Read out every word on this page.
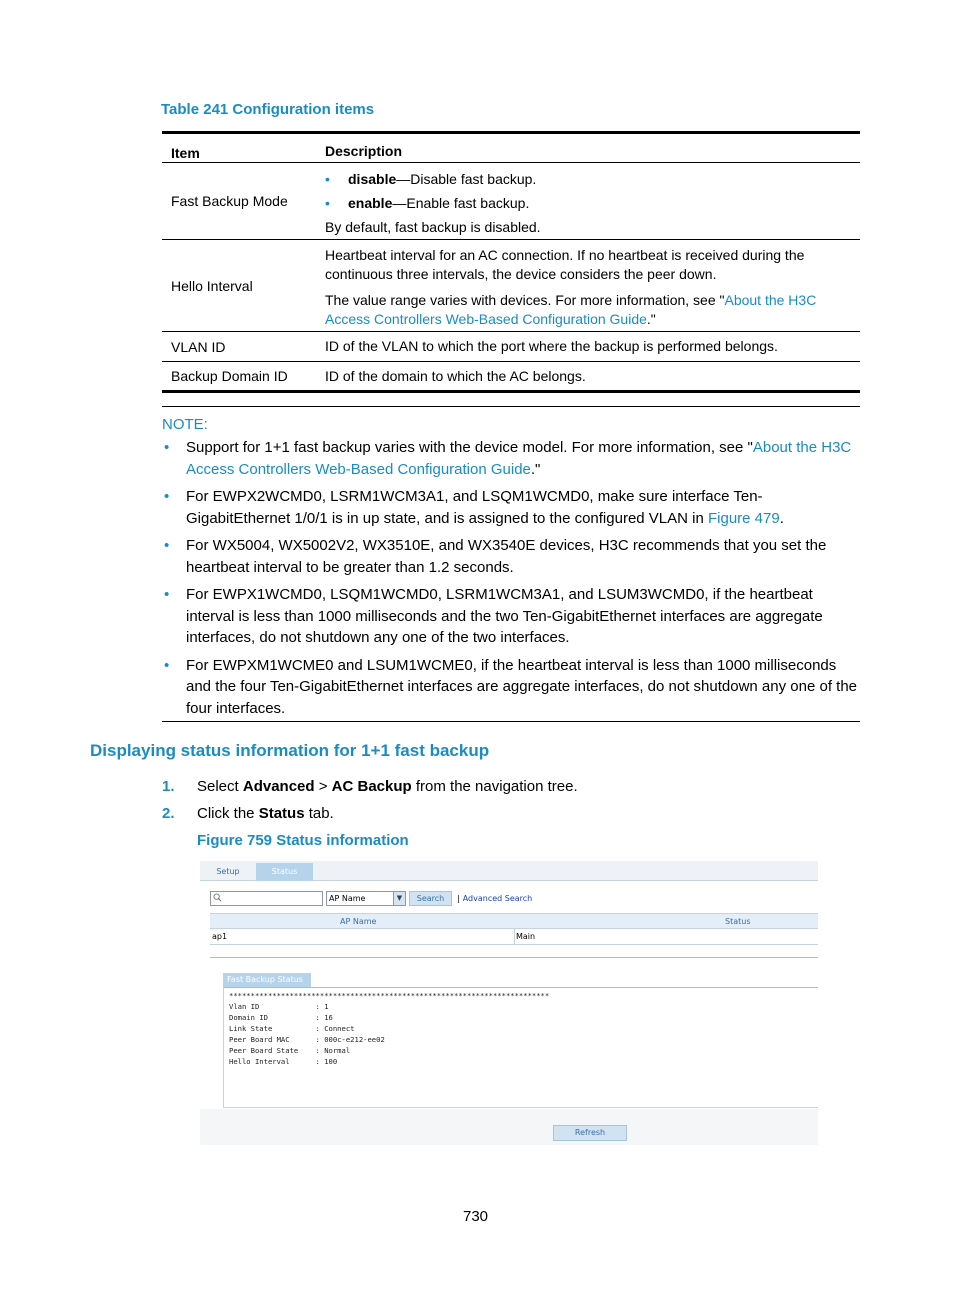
Table 241 Configuration items
Item	Description
Fast Backup Mode
•	disable —Disable fast backup.
•	enable —Enable fast backup.
By default, fast backup is disabled.
Hello Interval

Heartbeat interval for an AC connection. If no heartbeat is received during the continuous three intervals, the device considers the peer down.

The value range varies with devices. For more information, see "About the H3C Access Controllers Web-Based Configuration Guide."

VLAN ID	ID of the VLAN to which the port where the backup is performed belongs.
Backup Domain ID	ID of the domain to which the AC belongs.
NOTE:
•	Support for 1+1 fast backup varies with the device model. For more information, see "About the H3C Access Controllers Web-Based Configuration Guide."
•	For EWPX2WCMD0, LSRM1WCM3A1, and LSQM1WCMD0, make sure interface Ten-GigabitEthernet 1/0/1 is in up state, and is assigned to the configured VLAN in Figure 479.
•	For WX5004, WX5002V2, WX3510E, and WX3540E devices, H3C recommends that you set the heartbeat interval to be greater than 1.2 seconds.
•	For EWPX1WCMD0, LSQM1WCMD0, LSRM1WCM3A1, and LSUM3WCMD0, if the heartbeat interval is less than 1000 milliseconds and the two Ten-GigabitEthernet interfaces are aggregate interfaces, do not shutdown any one of the two interfaces.
•	For EWPXM1WCME0 and LSUM1WCME0, if the heartbeat interval is less than 1000 milliseconds and the four Ten-GigabitEthernet interfaces are aggregate interfaces, do not shutdown any one of the four interfaces.
Displaying status information for 1+1 fast backup
1.	Select Advanced > AC Backup from the navigation tree.
2.	Click the Status tab.
Figure 759 Status information
Setup	Status
AP Name	▼	Search
|	Advanced Search
AP Name	Status
ap1	Main
Fast Backup Status
**************************************************************************
Vlan ID             : 1
Domain ID           : 16
Link State          : Connect
Peer Board MAC      : 000c-e212-ee02
Peer Board State    : Normal
Hello Interval      : 100
Refresh
730
